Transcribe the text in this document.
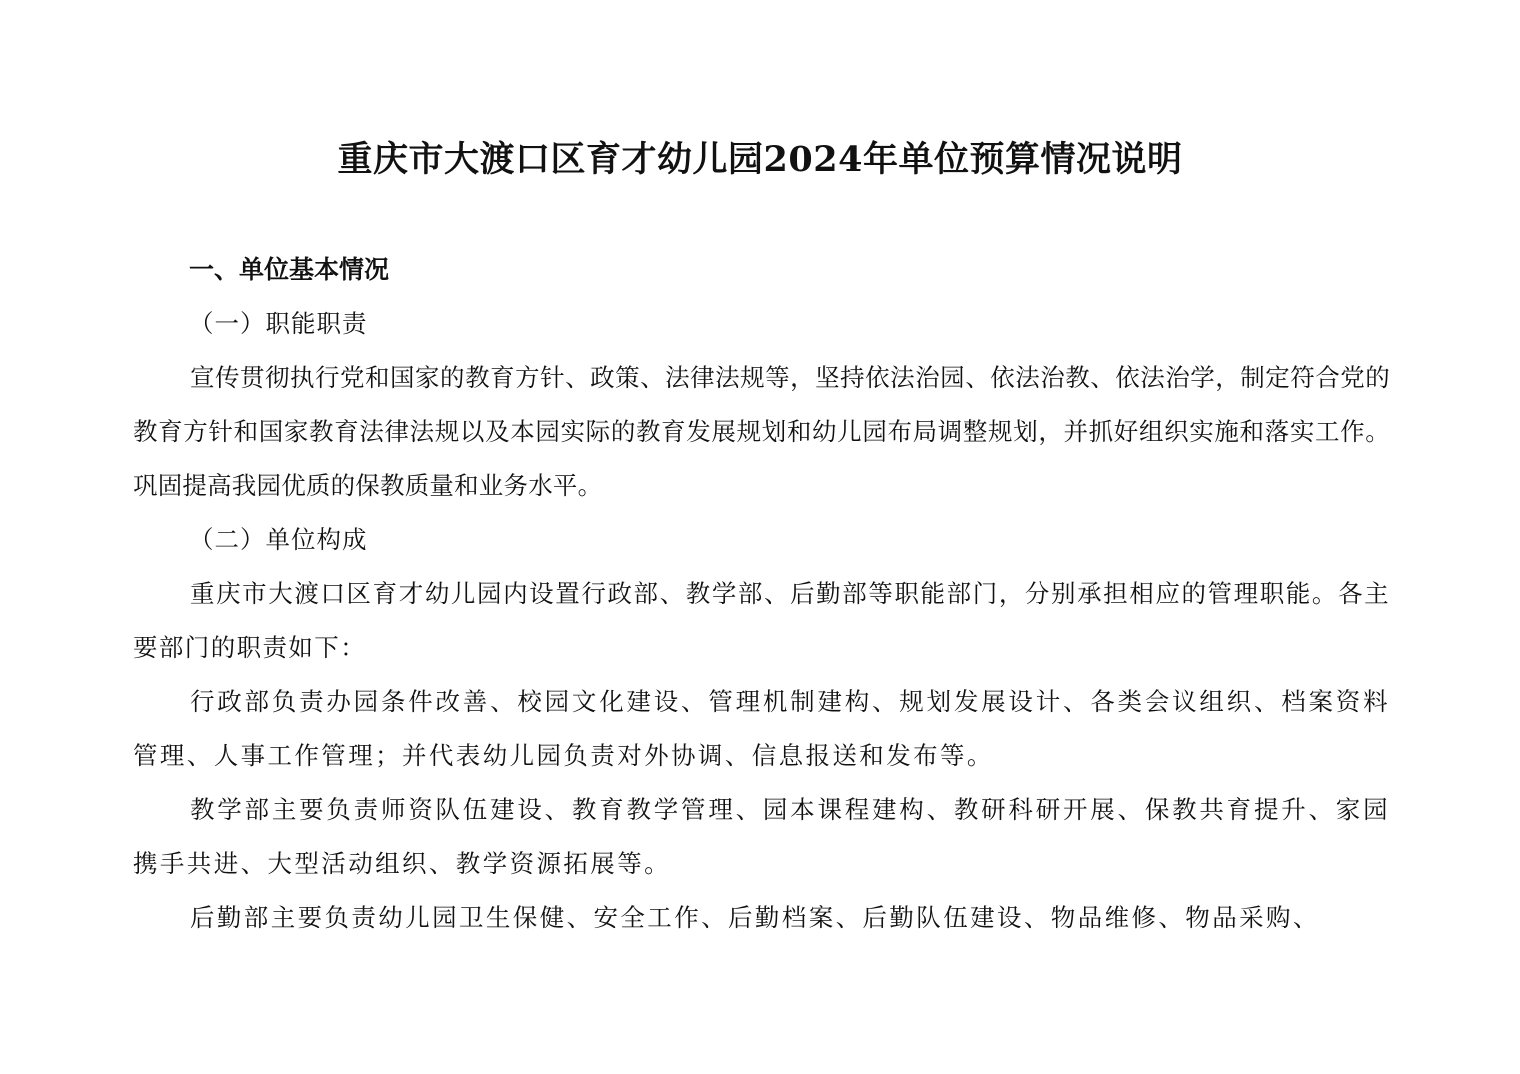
重庆市大渡口区育才幼儿园2024年单位预算情况说明

一、单位基本情况

（一）职能职责

宣传贯彻执行党和国家的教育方针、政策、法律法规等，坚持依法治园、依法治教、依法治学，制定符合党的教育方针和国家教育法律法规以及本园实际的教育发展规划和幼儿园布局调整规划，并抓好组织实施和落实工作。巩固提高我园优质的保教质量和业务水平。

（二）单位构成

重庆市大渡口区育才幼儿园内设置行政部、教学部、后勤部等职能部门，分别承担相应的管理职能。各主要部门的职责如下：

行政部负责办园条件改善、校园文化建设、管理机制建构、规划发展设计、各类会议组织、档案资料管理、人事工作管理；并代表幼儿园负责对外协调、信息报送和发布等。

教学部主要负责师资队伍建设、教育教学管理、园本课程建构、教研科研开展、保教共育提升、家园携手共进、大型活动组织、教学资源拓展等。

后勤部主要负责幼儿园卫生保健、安全工作、后勤档案、后勤队伍建设、物品维修、物品采购、
